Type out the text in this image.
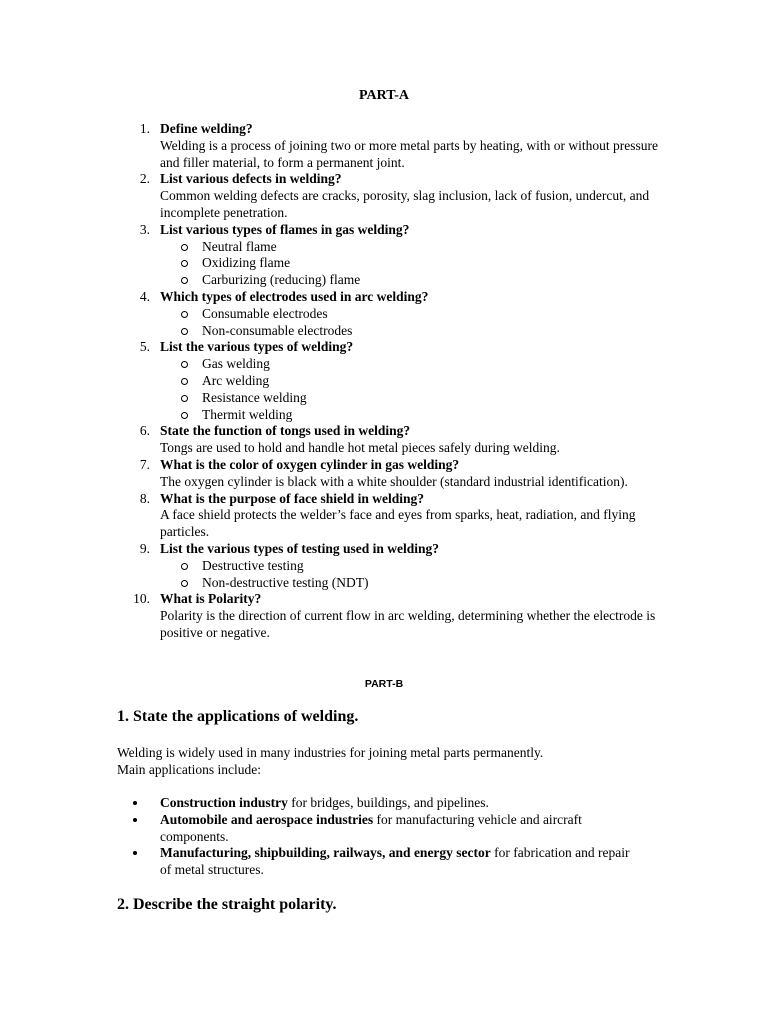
PART-A
1. Define welding?
Welding is a process of joining two or more metal parts by heating, with or without pressure and filler material, to form a permanent joint.
2. List various defects in welding?
Common welding defects are cracks, porosity, slag inclusion, lack of fusion, undercut, and incomplete penetration.
3. List various types of flames in gas welding?
Neutral flame
Oxidizing flame
Carburizing (reducing) flame
4. Which types of electrodes used in arc welding?
Consumable electrodes
Non-consumable electrodes
5. List the various types of welding?
Gas welding
Arc welding
Resistance welding
Thermit welding
6. State the function of tongs used in welding?
Tongs are used to hold and handle hot metal pieces safely during welding.
7. What is the color of oxygen cylinder in gas welding?
The oxygen cylinder is black with a white shoulder (standard industrial identification).
8. What is the purpose of face shield in welding?
A face shield protects the welder’s face and eyes from sparks, heat, radiation, and flying particles.
9. List the various types of testing used in welding?
Destructive testing
Non-destructive testing (NDT)
10. What is Polarity?
Polarity is the direction of current flow in arc welding, determining whether the electrode is positive or negative.
PART-B
1. State the applications of welding.
Welding is widely used in many industries for joining metal parts permanently.
Main applications include:
Construction industry for bridges, buildings, and pipelines.
Automobile and aerospace industries for manufacturing vehicle and aircraft components.
Manufacturing, shipbuilding, railways, and energy sector for fabrication and repair of metal structures.
2. Describe the straight polarity.
